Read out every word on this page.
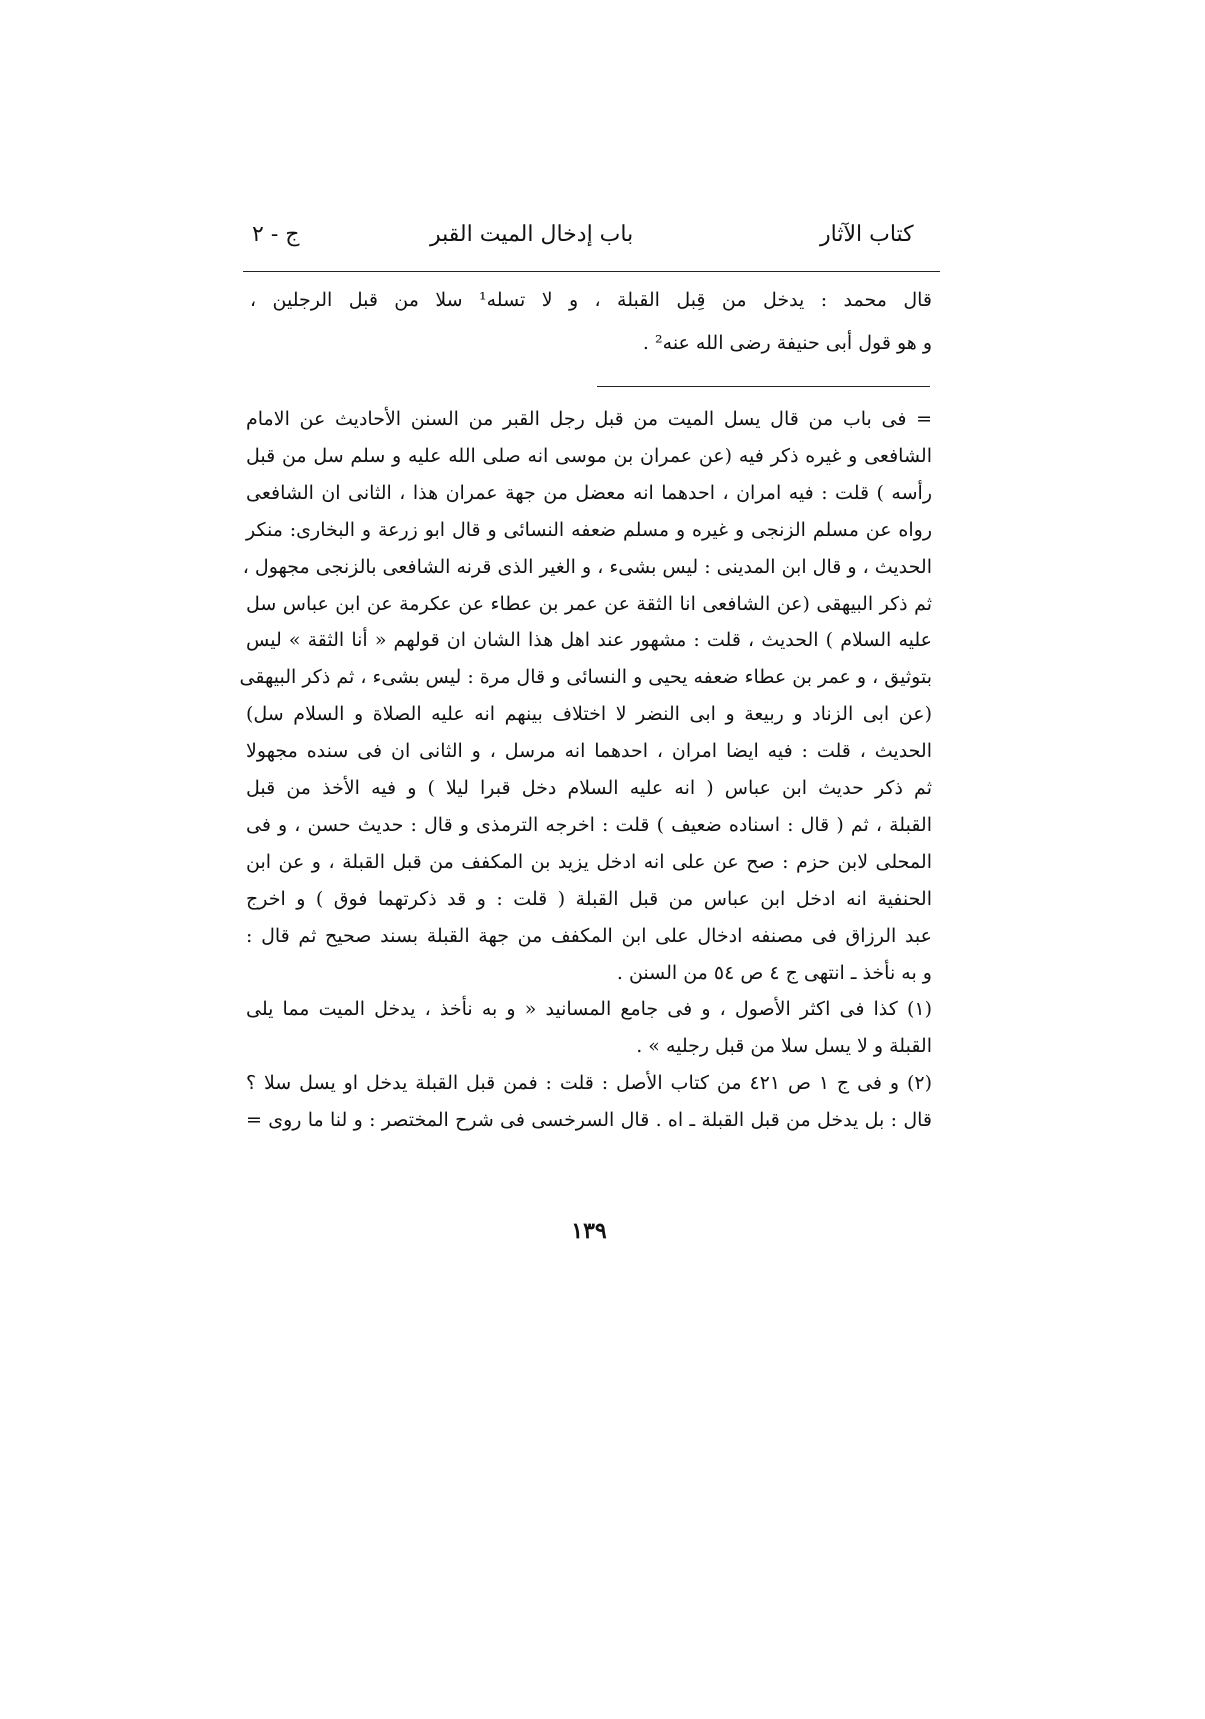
كتاب الآثار
باب إدخال الميت القبر
ج - ٢
قال محمد : يدخل من قِبل القبلة ، و لا تسله¹ سلا من قبل الرجلين ،
و هو قول أبى حنيفة رضى الله عنه² .
= فى باب من قال يسل الميت من قبل رجل القبر من السنن الأحاديث عن الامام
الشافعى و غيره ذكر فيه (عن عمران بن موسى انه صلى الله عليه و سلم سل من قبل
رأسه ) قلت : فيه امران ، احدهما انه معضل من جهة عمران هذا ، الثانى ان الشافعى
رواه عن مسلم الزنجى و غيره و مسلم ضعفه النسائى و قال ابو زرعة و البخارى: منكر
الحديث ، و قال ابن المدينى : ليس بشىء ، و الغير الذى قرنه الشافعى بالزنجى مجهول ،
ثم ذكر البيهقى (عن الشافعى انا الثقة عن عمر بن عطاء عن عكرمة عن ابن عباس سل
عليه السلام ) الحديث ، قلت : مشهور عند اهل هذا الشان ان قولهم « أنا الثقة » ليس
بتوثيق ، و عمر بن عطاء ضعفه يحيى و النسائى و قال مرة : ليس بشىء ، ثم ذكر البيهقى
(عن ابى الزناد و ربيعة و ابى النضر لا اختلاف بينهم انه عليه الصلاة و السلام سل)
الحديث ، قلت : فيه ايضا امران ، احدهما انه مرسل ، و الثانى ان فى سنده مجهولا
ثم ذكر حديث ابن عباس ( انه عليه السلام دخل قبرا ليلا ) و فيه الأخذ من قبل
القبلة ، ثم ( قال : اسناده ضعيف ) قلت : اخرجه الترمذى و قال : حديث حسن ، و فى
المحلى لابن حزم : صح عن على انه ادخل يزيد بن المكفف من قبل القبلة ، و عن ابن
الحنفية انه ادخل ابن عباس من قبل القبلة ( قلت : و قد ذكرتهما فوق ) و اخرج
عبد الرزاق فى مصنفه ادخال على ابن المكفف من جهة القبلة بسند صحيح ثم قال :
و به نأخذ ـ انتهى ج ٤ ص ٥٤ من السنن .
(١) كذا فى اكثر الأصول ، و فى جامع المسانيد « و به نأخذ ، يدخل الميت مما يلى
القبلة و لا يسل سلا من قبل رجليه » .
(٢) و فى ج ١ ص ٤٢١ من كتاب الأصل : قلت : فمن قبل القبلة يدخل او يسل سلا ؟
قال : بل يدخل من قبل القبلة ـ اه . قال السرخسى فى شرح المختصر : و لنا ما روى =
١٣٩
